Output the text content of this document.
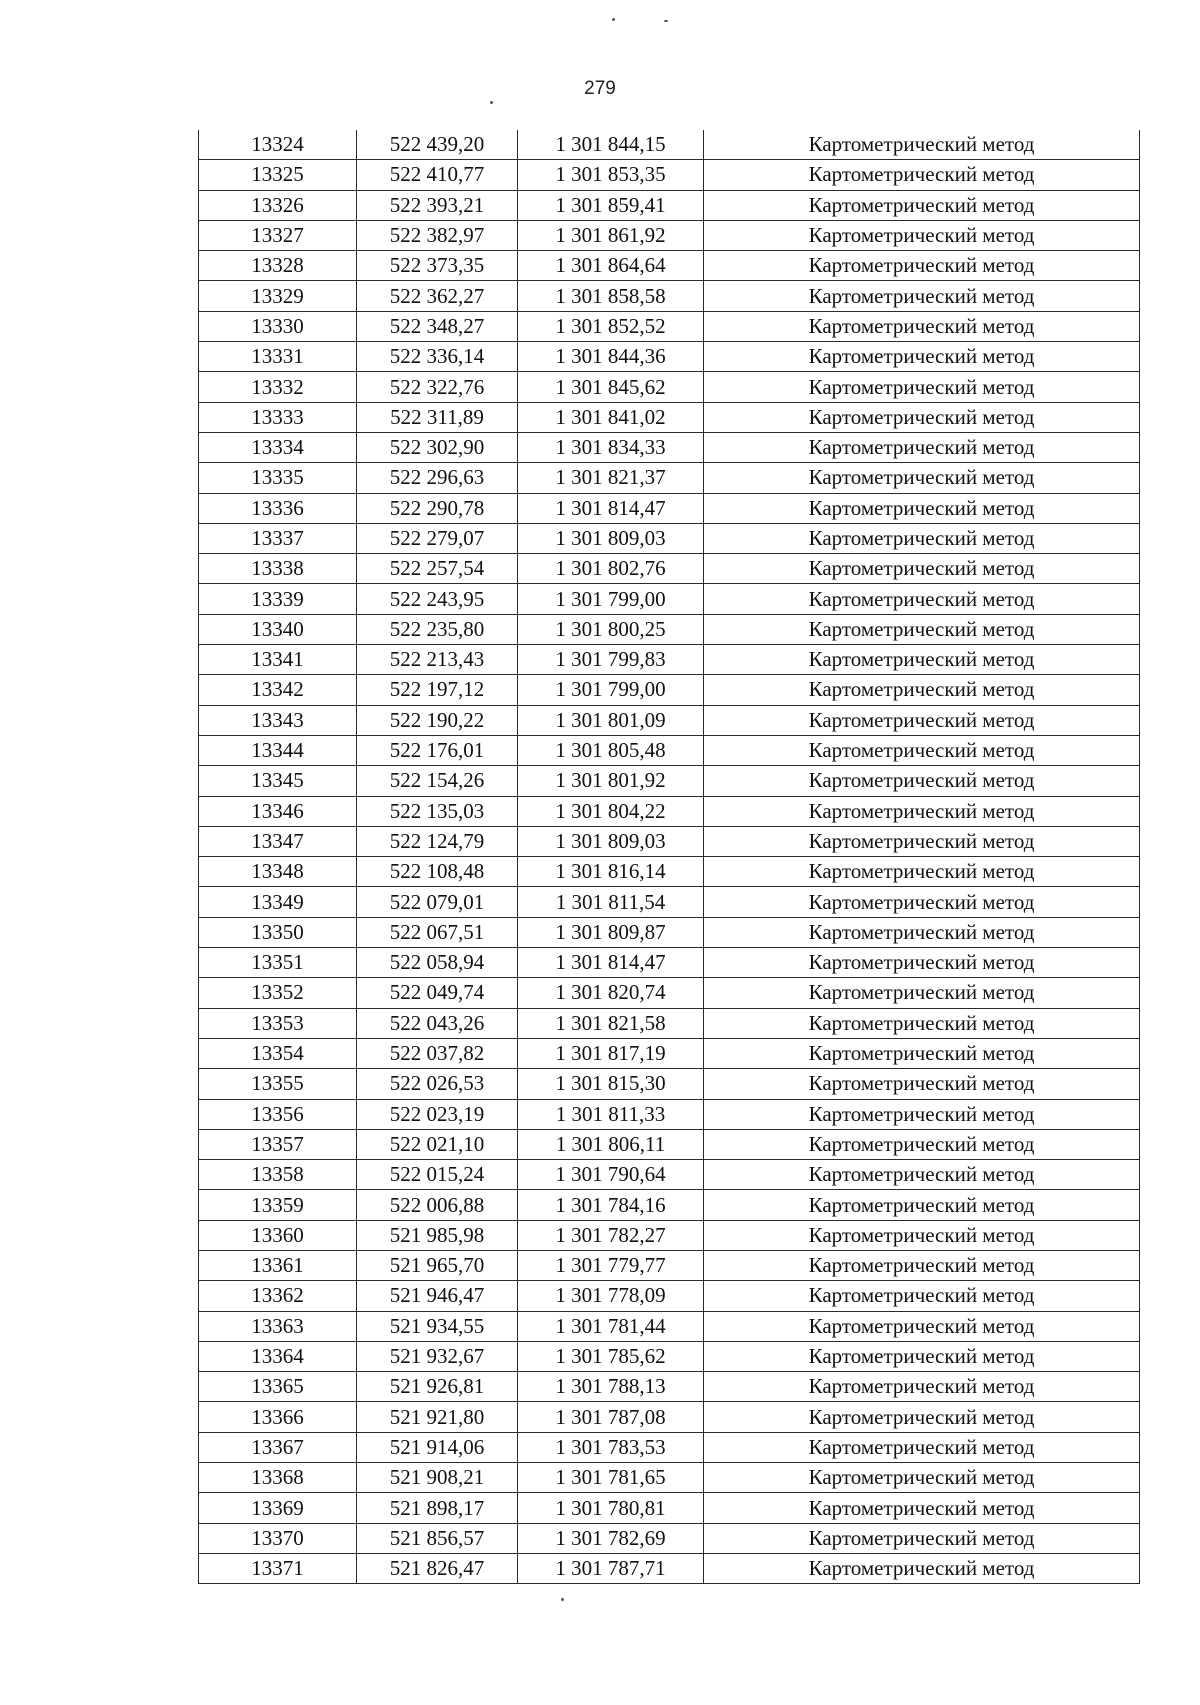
279
13324	522 439,20	1 301 844,15	Картометрический метод
13325	522 410,77	1 301 853,35	Картометрический метод
13326	522 393,21	1 301 859,41	Картометрический метод
13327	522 382,97	1 301 861,92	Картометрический метод
13328	522 373,35	1 301 864,64	Картометрический метод
13329	522 362,27	1 301 858,58	Картометрический метод
13330	522 348,27	1 301 852,52	Картометрический метод
13331	522 336,14	1 301 844,36	Картометрический метод
13332	522 322,76	1 301 845,62	Картометрический метод
13333	522 311,89	1 301 841,02	Картометрический метод
13334	522 302,90	1 301 834,33	Картометрический метод
13335	522 296,63	1 301 821,37	Картометрический метод
13336	522 290,78	1 301 814,47	Картометрический метод
13337	522 279,07	1 301 809,03	Картометрический метод
13338	522 257,54	1 301 802,76	Картометрический метод
13339	522 243,95	1 301 799,00	Картометрический метод
13340	522 235,80	1 301 800,25	Картометрический метод
13341	522 213,43	1 301 799,83	Картометрический метод
13342	522 197,12	1 301 799,00	Картометрический метод
13343	522 190,22	1 301 801,09	Картометрический метод
13344	522 176,01	1 301 805,48	Картометрический метод
13345	522 154,26	1 301 801,92	Картометрический метод
13346	522 135,03	1 301 804,22	Картометрический метод
13347	522 124,79	1 301 809,03	Картометрический метод
13348	522 108,48	1 301 816,14	Картометрический метод
13349	522 079,01	1 301 811,54	Картометрический метод
13350	522 067,51	1 301 809,87	Картометрический метод
13351	522 058,94	1 301 814,47	Картометрический метод
13352	522 049,74	1 301 820,74	Картометрический метод
13353	522 043,26	1 301 821,58	Картометрический метод
13354	522 037,82	1 301 817,19	Картометрический метод
13355	522 026,53	1 301 815,30	Картометрический метод
13356	522 023,19	1 301 811,33	Картометрический метод
13357	522 021,10	1 301 806,11	Картометрический метод
13358	522 015,24	1 301 790,64	Картометрический метод
13359	522 006,88	1 301 784,16	Картометрический метод
13360	521 985,98	1 301 782,27	Картометрический метод
13361	521 965,70	1 301 779,77	Картометрический метод
13362	521 946,47	1 301 778,09	Картометрический метод
13363	521 934,55	1 301 781,44	Картометрический метод
13364	521 932,67	1 301 785,62	Картометрический метод
13365	521 926,81	1 301 788,13	Картометрический метод
13366	521 921,80	1 301 787,08	Картометрический метод
13367	521 914,06	1 301 783,53	Картометрический метод
13368	521 908,21	1 301 781,65	Картометрический метод
13369	521 898,17	1 301 780,81	Картометрический метод
13370	521 856,57	1 301 782,69	Картометрический метод
13371	521 826,47	1 301 787,71	Картометрический метод
